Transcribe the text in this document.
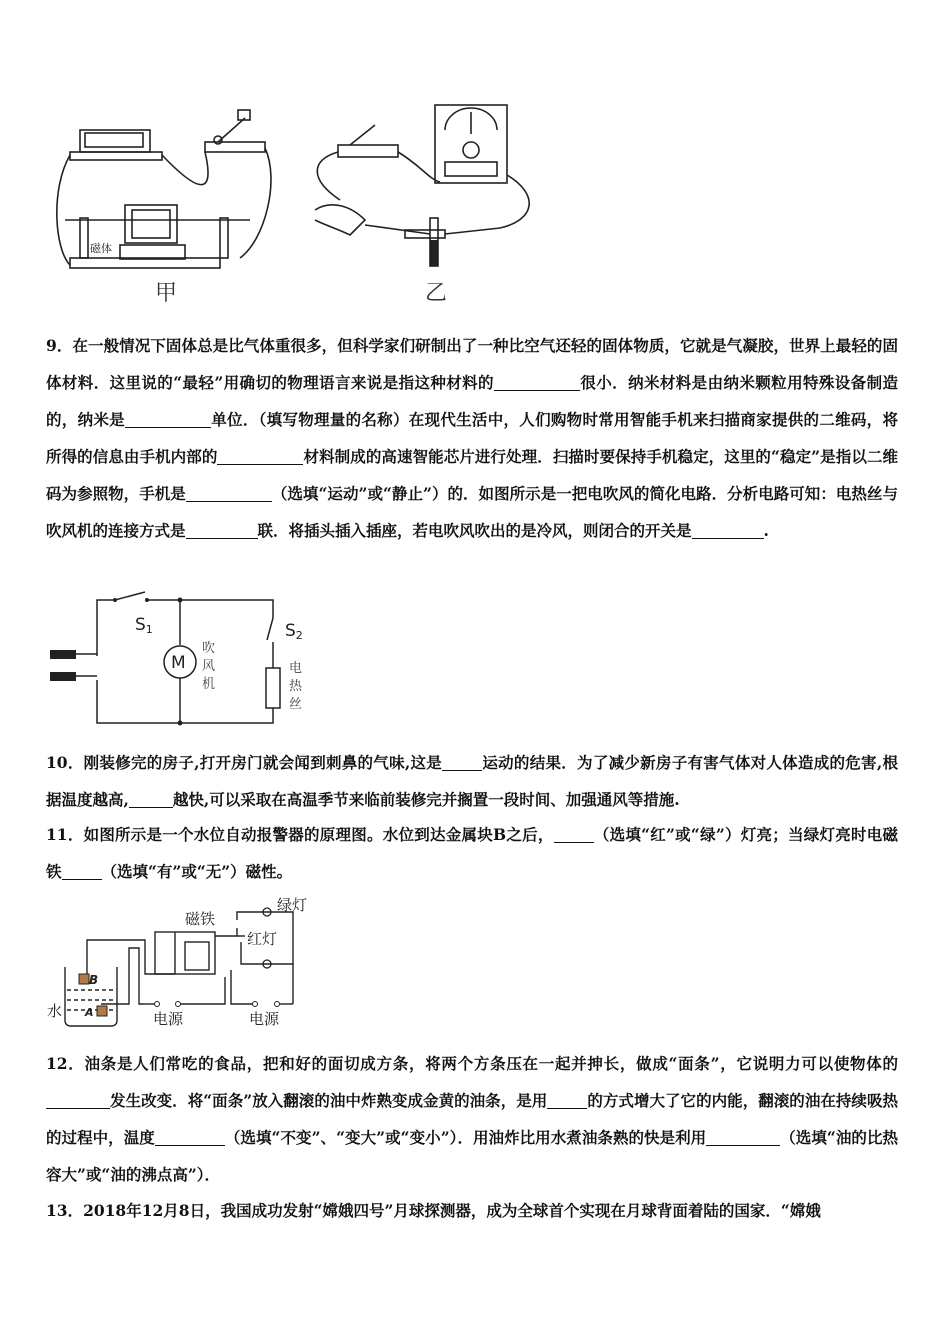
磁体
甲	乙

9．在一般情况下固体总是比气体重很多，但科学家们研制出了一种比空气还轻的固体物质，它就是气凝胶，世界上最轻的固体材料．这里说的“最轻”用确切的物理语言来说是指这种材料的	很小．纳米材料是由纳米颗粒用特殊设备制造的，纳米是	单位．（填写物理量的名称）在现代生活中，人们购物时常用智能手机来扫描商家提供的二维码，将所得的信息由手机内部的	材料制成的高速智能芯片进行处理．扫描时要保持手机稳定，这里的“稳定”是指以二维码为参照物，手机是	（选填“运动”或“静止”）的．如图所示是一把电吹风的简化电路．分析电路可知：电热丝与吹风机的连接方式是	联．将插头插入插座，若电吹风吹出的是冷风，则闭合的开关是	.

S1	S2
M
吹
风
机
电
热
丝

10．刚装修完的房子,打开房门就会闻到刺鼻的气味,这是	运动的结果．为了减少新房子有害气体对人体造成的危害,根据温度越高,	越快,可以采取在高温季节来临前装修完并搁置一段时间、加强通风等措施.

11．如图所示是一个水位自动报警器的原理图。水位到达金属块B之后，	（选填“红”或“绿”）灯亮；当绿灯亮时电磁铁	（选填“有”或“无”）磁性。

绿灯
红灯
磁铁
水
B
A	电源	电源

12．油条是人们常吃的食品，把和好的面切成方条，将两个方条压在一起并抻长，做成“面条”，它说明力可以使物体的发生改变．将“面条”放入翻滚的油中炸熟变成金黄的油条，是用	的方式增大了它的内能，翻滚的油在持续吸热的过程中，温度	（选填“不变”、“变大”或“变小”）．用油炸比用水煮油条熟的快是利用	（选填“油的比热容大”或“油的沸点高”）．

13．2018年12月8日，我国成功发射“嫦娥四号”月球探测器，成为全球首个实现在月球背面着陆的国家．“嫦娥
